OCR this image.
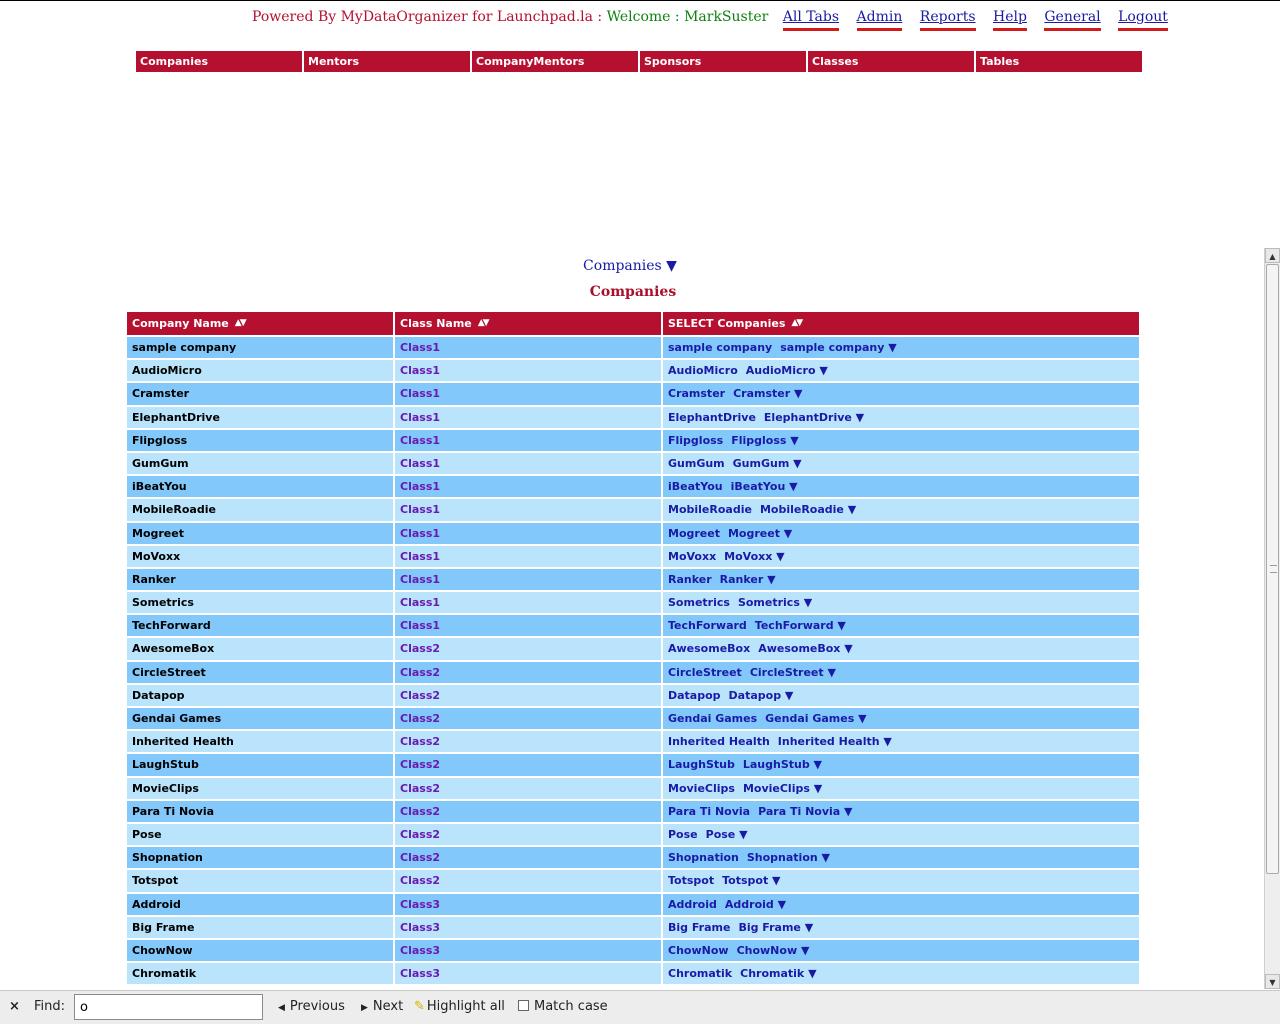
Powered By MyDataOrganizer for Launchpad.la : Welcome : MarkSuster All Tabs Admin Reports Help General Logout
Companies	Mentors	CompanyMentors	Sponsors	Classes	Tables
Companies ▼
Companies
Company Name ▲▼	Class Name ▲▼	SELECT Companies ▲▼
sample company	Class1	sample company sample company ▼
AudioMicro	Class1	AudioMicro AudioMicro ▼
Cramster	Class1	Cramster Cramster ▼
ElephantDrive	Class1	ElephantDrive ElephantDrive ▼
Flipgloss	Class1	Flipgloss Flipgloss ▼
GumGum	Class1	GumGum GumGum ▼
iBeatYou	Class1	iBeatYou iBeatYou ▼
MobileRoadie	Class1	MobileRoadie MobileRoadie ▼
Mogreet	Class1	Mogreet Mogreet ▼
MoVoxx	Class1	MoVoxx MoVoxx ▼
Ranker	Class1	Ranker Ranker ▼
Sometrics	Class1	Sometrics Sometrics ▼
TechForward	Class1	TechForward TechForward ▼
AwesomeBox	Class2	AwesomeBox AwesomeBox ▼
CircleStreet	Class2	CircleStreet CircleStreet ▼
Datapop	Class2	Datapop Datapop ▼
Gendai Games	Class2	Gendai Games Gendai Games ▼
Inherited Health	Class2	Inherited Health Inherited Health ▼
LaughStub	Class2	LaughStub LaughStub ▼
MovieClips	Class2	MovieClips MovieClips ▼
Para Ti Novia	Class2	Para Ti Novia Para Ti Novia ▼
Pose	Class2	Pose Pose ▼
Shopnation	Class2	Shopnation Shopnation ▼
Totspot	Class2	Totspot Totspot ▼
Addroid	Class3	Addroid Addroid ▼
Big Frame	Class3	Big Frame Big Frame ▼
ChowNow	Class3	ChowNow ChowNow ▼
Chromatik	Class3	Chromatik Chromatik ▼
▲
▼
× Find:
o	◀ Previous ▶ Next ✎ Highlight all	Match case
